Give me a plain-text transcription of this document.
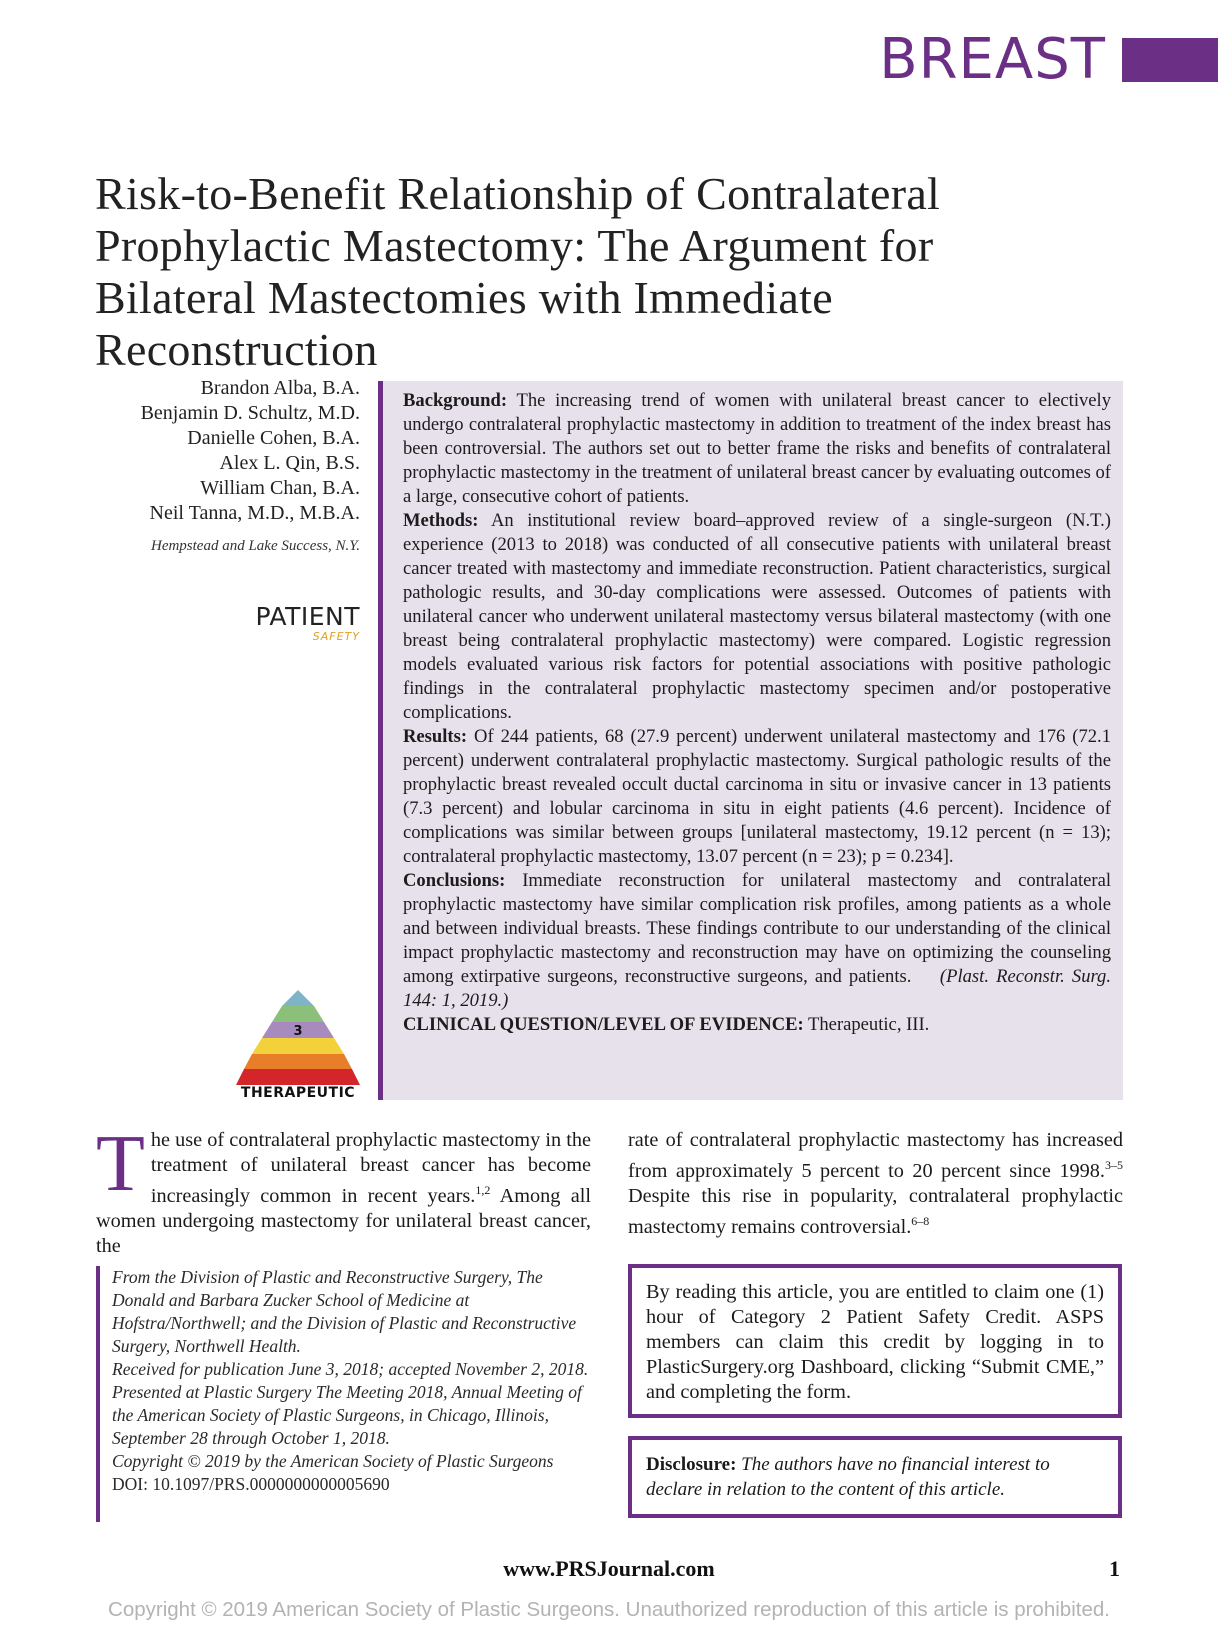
BREAST
Risk-to-Benefit Relationship of Contralateral Prophylactic Mastectomy: The Argument for Bilateral Mastectomies with Immediate Reconstruction
Brandon Alba, B.A.
Benjamin D. Schultz, M.D.
Danielle Cohen, B.A.
Alex L. Qin, B.S.
William Chan, B.A.
Neil Tanna, M.D., M.B.A.
Hempstead and Lake Success, N.Y.
PATIENT
SAFETY
3
THERAPEUTIC

Background: The increasing trend of women with unilateral breast cancer to electively undergo contralateral prophylactic mastectomy in addition to treatment of the index breast has been controversial. The authors set out to better frame the risks and benefits of contralateral prophylactic mastectomy in the treatment of unilateral breast cancer by evaluating outcomes of a large, consecutive cohort of patients.

Methods: An institutional review board–approved review of a single-surgeon (N.T.) experience (2013 to 2018) was conducted of all consecutive patients with unilateral breast cancer treated with mastectomy and immediate reconstruction. Patient characteristics, surgical pathologic results, and 30-day complications were assessed. Outcomes of patients with unilateral cancer who underwent unilateral mastectomy versus bilateral mastectomy (with one breast being contralateral prophylactic mastectomy) were compared. Logistic regression models evaluated various risk factors for potential associations with positive pathologic findings in the contralateral prophylactic mastectomy specimen and/or postoperative complications.

Results: Of 244 patients, 68 (27.9 percent) underwent unilateral mastectomy and 176 (72.1 percent) underwent contralateral prophylactic mastectomy. Surgical pathologic results of the prophylactic breast revealed occult ductal carcinoma in situ or invasive cancer in 13 patients (7.3 percent) and lobular carcinoma in situ in eight patients (4.6 percent). Incidence of complications was similar between groups [unilateral mastectomy, 19.12 percent (n = 13); contralateral prophylactic mastectomy, 13.07 percent (n = 23); p = 0.234].

Conclusions: Immediate reconstruction for unilateral mastectomy and contralateral prophylactic mastectomy have similar complication risk profiles, among patients as a whole and between individual breasts. These findings contribute to our understanding of the clinical impact prophylactic mastectomy and reconstruction may have on optimizing the counseling among extirpative surgeons, reconstructive surgeons, and patients. (Plast. Reconstr. Surg. 144: 1, 2019.)

CLINICAL QUESTION/LEVEL OF EVIDENCE: Therapeutic, III.

The use of contralateral prophylactic mastectomy in the treatment of unilateral breast cancer has become increasingly common in recent years.$^{1,2}$ Among all women undergoing mastectomy for unilateral breast cancer, the

rate of contralateral prophylactic mastectomy has increased from approximately 5 percent to 20 percent since 1998.$^{3-5}$ Despite this rise in popularity, contralateral prophylactic mastectomy remains controversial.$^{6-8}$

From the Division of Plastic and Reconstructive Surgery, The Donald and Barbara Zucker School of Medicine at Hofstra/Northwell; and the Division of Plastic and Reconstructive Surgery, Northwell Health.

Received for publication June 3, 2018; accepted November 2, 2018.

Presented at Plastic Surgery The Meeting 2018, Annual Meeting of the American Society of Plastic Surgeons, in Chicago, Illinois, September 28 through October 1, 2018.

Copyright © 2019 by the American Society of Plastic Surgeons

DOI: 10.1097/PRS.0000000000005690

By reading this article, you are entitled to claim one (1) hour of Category 2 Patient Safety Credit. ASPS members can claim this credit by logging in to PlasticSurgery.org Dashboard, clicking “Submit CME,” and completing the form.
Disclosure: The authors have no financial interest to declare in relation to the content of this article.
www.PRSJournal.com	1
Copyright © 2019 American Society of Plastic Surgeons. Unauthorized reproduction of this article is prohibited.
